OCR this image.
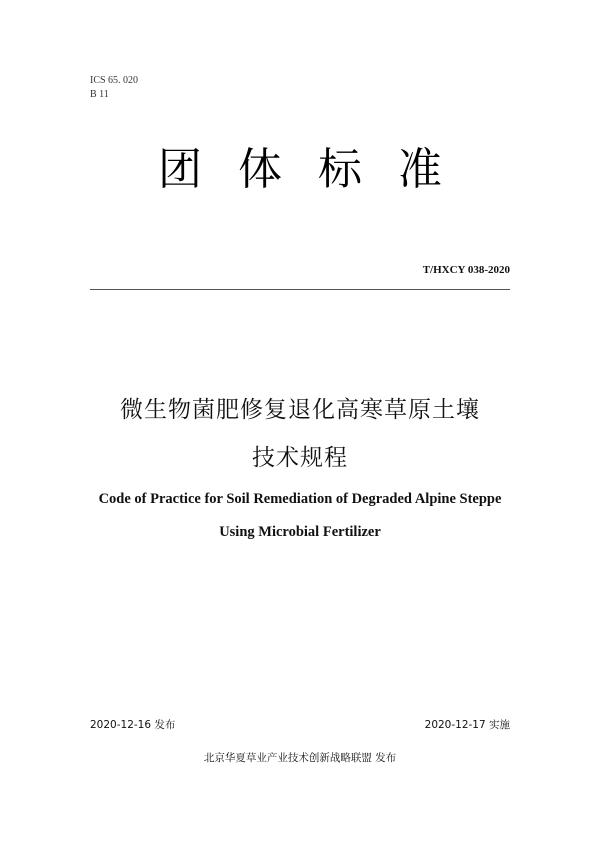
ICS 65. 020
B 11
团 体 标 准
T/HXCY 038-2020
微生物菌肥修复退化高寒草原土壤
技术规程
Code of Practice for Soil Remediation of Degraded Alpine Steppe
Using Microbial Fertilizer
2020-12-16 发布	2020-12-17 实施
北京华夏草业产业技术创新战略联盟 发布
